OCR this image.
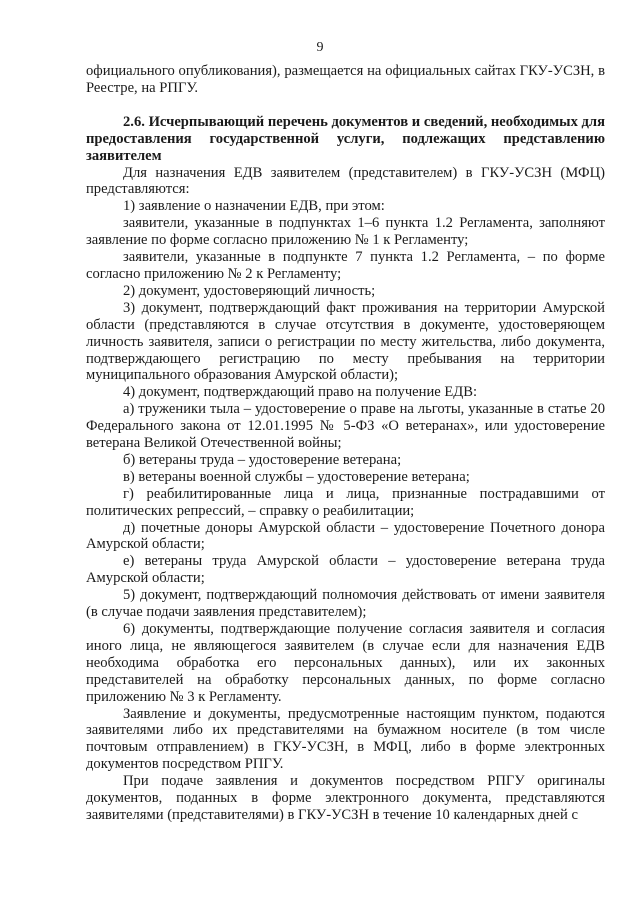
9

официального опубликования), размещается на официальных сайтах ГКУ-УСЗН, в Реестре, на РПГУ.

2.6. Исчерпывающий перечень документов и сведений, необходимых для предоставления государственной услуги, подлежащих представлению заявителем

Для назначения ЕДВ заявителем (представителем) в ГКУ-УСЗН (МФЦ) представляются:

1) заявление о назначении ЕДВ, при этом:

заявители, указанные в подпунктах 1–6 пункта 1.2 Регламента, заполняют заявление по форме согласно приложению № 1 к Регламенту;

заявители, указанные в подпункте 7 пункта 1.2 Регламента, – по форме согласно приложению № 2 к Регламенту;

2) документ, удостоверяющий личность;

3) документ, подтверждающий факт проживания на территории Амурской области (представляются в случае отсутствия в документе, удостоверяющем личность заявителя, записи о регистрации по месту жительства, либо документа, подтверждающего регистрацию по месту пребывания на территории муниципального образования Амурской области);

4) документ, подтверждающий право на получение ЕДВ:

а) труженики тыла – удостоверение о праве на льготы, указанные в статье 20 Федерального закона от 12.01.1995 № 5-ФЗ «О ветеранах», или удостоверение ветерана Великой Отечественной войны;

б) ветераны труда – удостоверение ветерана;

в) ветераны военной службы – удостоверение ветерана;

г) реабилитированные лица и лица, признанные пострадавшими от политических репрессий, – справку о реабилитации;

д) почетные доноры Амурской области – удостоверение Почетного донора Амурской области;

е) ветераны труда Амурской области – удостоверение ветерана труда Амурской области;

5) документ, подтверждающий полномочия действовать от имени заявителя (в случае подачи заявления представителем);

6) документы, подтверждающие получение согласия заявителя и согласия иного лица, не являющегося заявителем (в случае если для назначения ЕДВ необходима обработка его персональных данных), или их законных представителей на обработку персональных данных, по форме согласно приложению № 3 к Регламенту.

Заявление и документы, предусмотренные настоящим пунктом, подаются заявителями либо их представителями на бумажном носителе (в том числе почтовым отправлением) в ГКУ-УСЗН, в МФЦ, либо в форме электронных документов посредством РПГУ.

При подаче заявления и документов посредством РПГУ оригиналы документов, поданных в форме электронного документа, представляются заявителями (представителями) в ГКУ-УСЗН в течение 10 календарных дней с
